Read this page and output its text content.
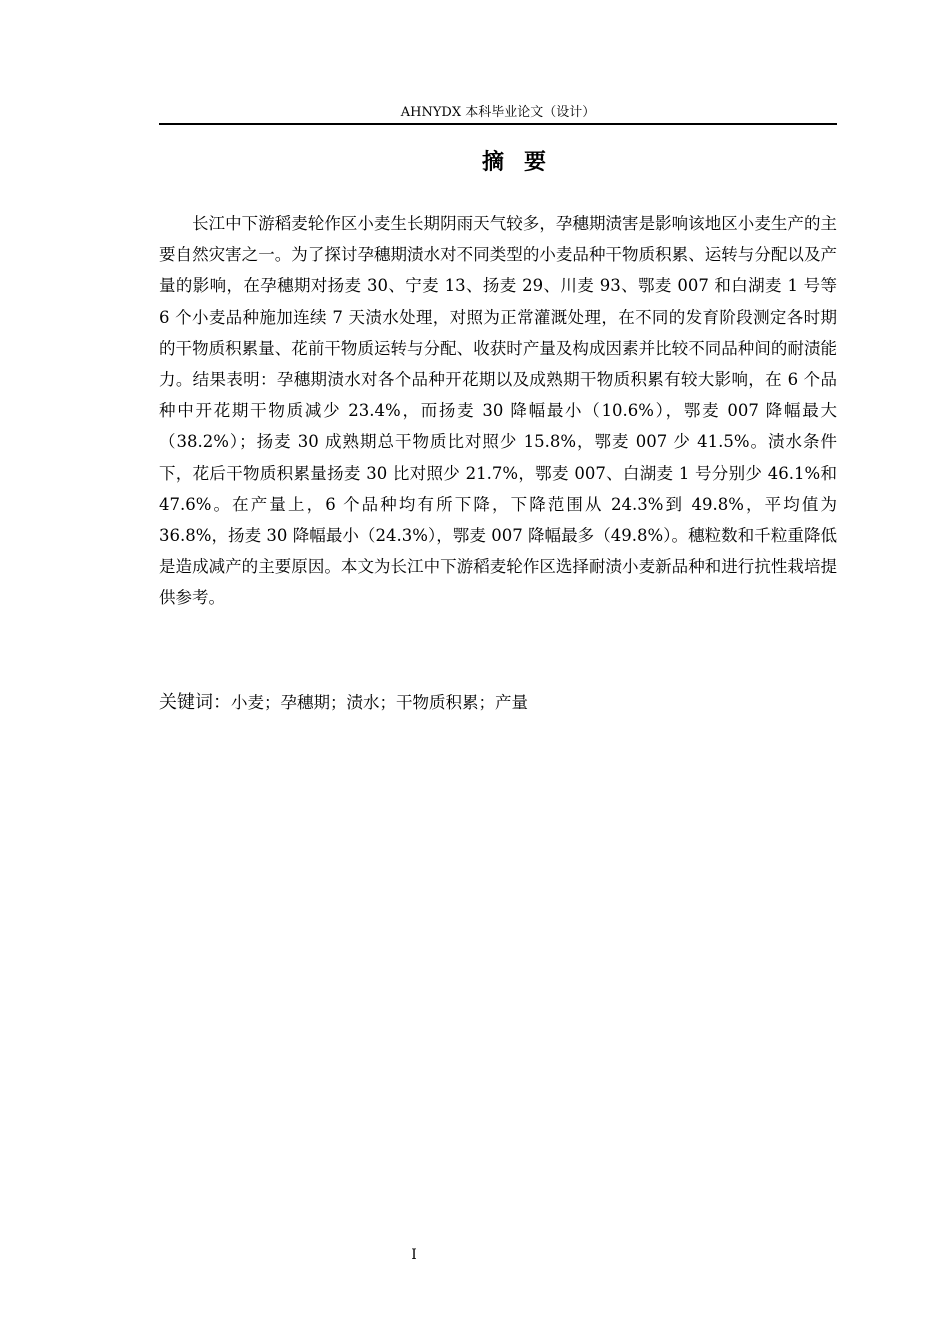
AHNYDX 本科毕业论文（设计）
摘要

长江中下游稻麦轮作区小麦生长期阴雨天气较多，孕穗期渍害是影响该地区小麦生产的主要自然灾害之一。为了探讨孕穗期渍水对不同类型的小麦品种干物质积累、运转与分配以及产量的影响，在孕穗期对扬麦 30、宁麦 13、扬麦 29、川麦 93、鄂麦 007 和白湖麦 1 号等 6 个小麦品种施加连续 7 天渍水处理，对照为正常灌溉处理，在不同的发育阶段测定各时期的干物质积累量、花前干物质运转与分配、收获时产量及构成因素并比较不同品种间的耐渍能力。结果表明：孕穗期渍水对各个品种开花期以及成熟期干物质积累有较大影响，在 6 个品种中开花期干物质减少 23.4%，而扬麦 30 降幅最小（10.6%），鄂麦 007 降幅最大（38.2%）；扬麦 30 成熟期总干物质比对照少 15.8%，鄂麦 007 少 41.5%。渍水条件下，花后干物质积累量扬麦 30 比对照少 21.7%，鄂麦 007、白湖麦 1 号分别少 46.1%和 47.6%。在产量上，6 个品种均有所下降，下降范围从 24.3%到 49.8%，平均值为 36.8%，扬麦 30 降幅最小（24.3%），鄂麦 007 降幅最多（49.8%）。穗粒数和千粒重降低是造成减产的主要原因。本文为长江中下游稻麦轮作区选择耐渍小麦新品种和进行抗性栽培提供参考。

关键词：小麦；孕穗期；渍水；干物质积累；产量
I
